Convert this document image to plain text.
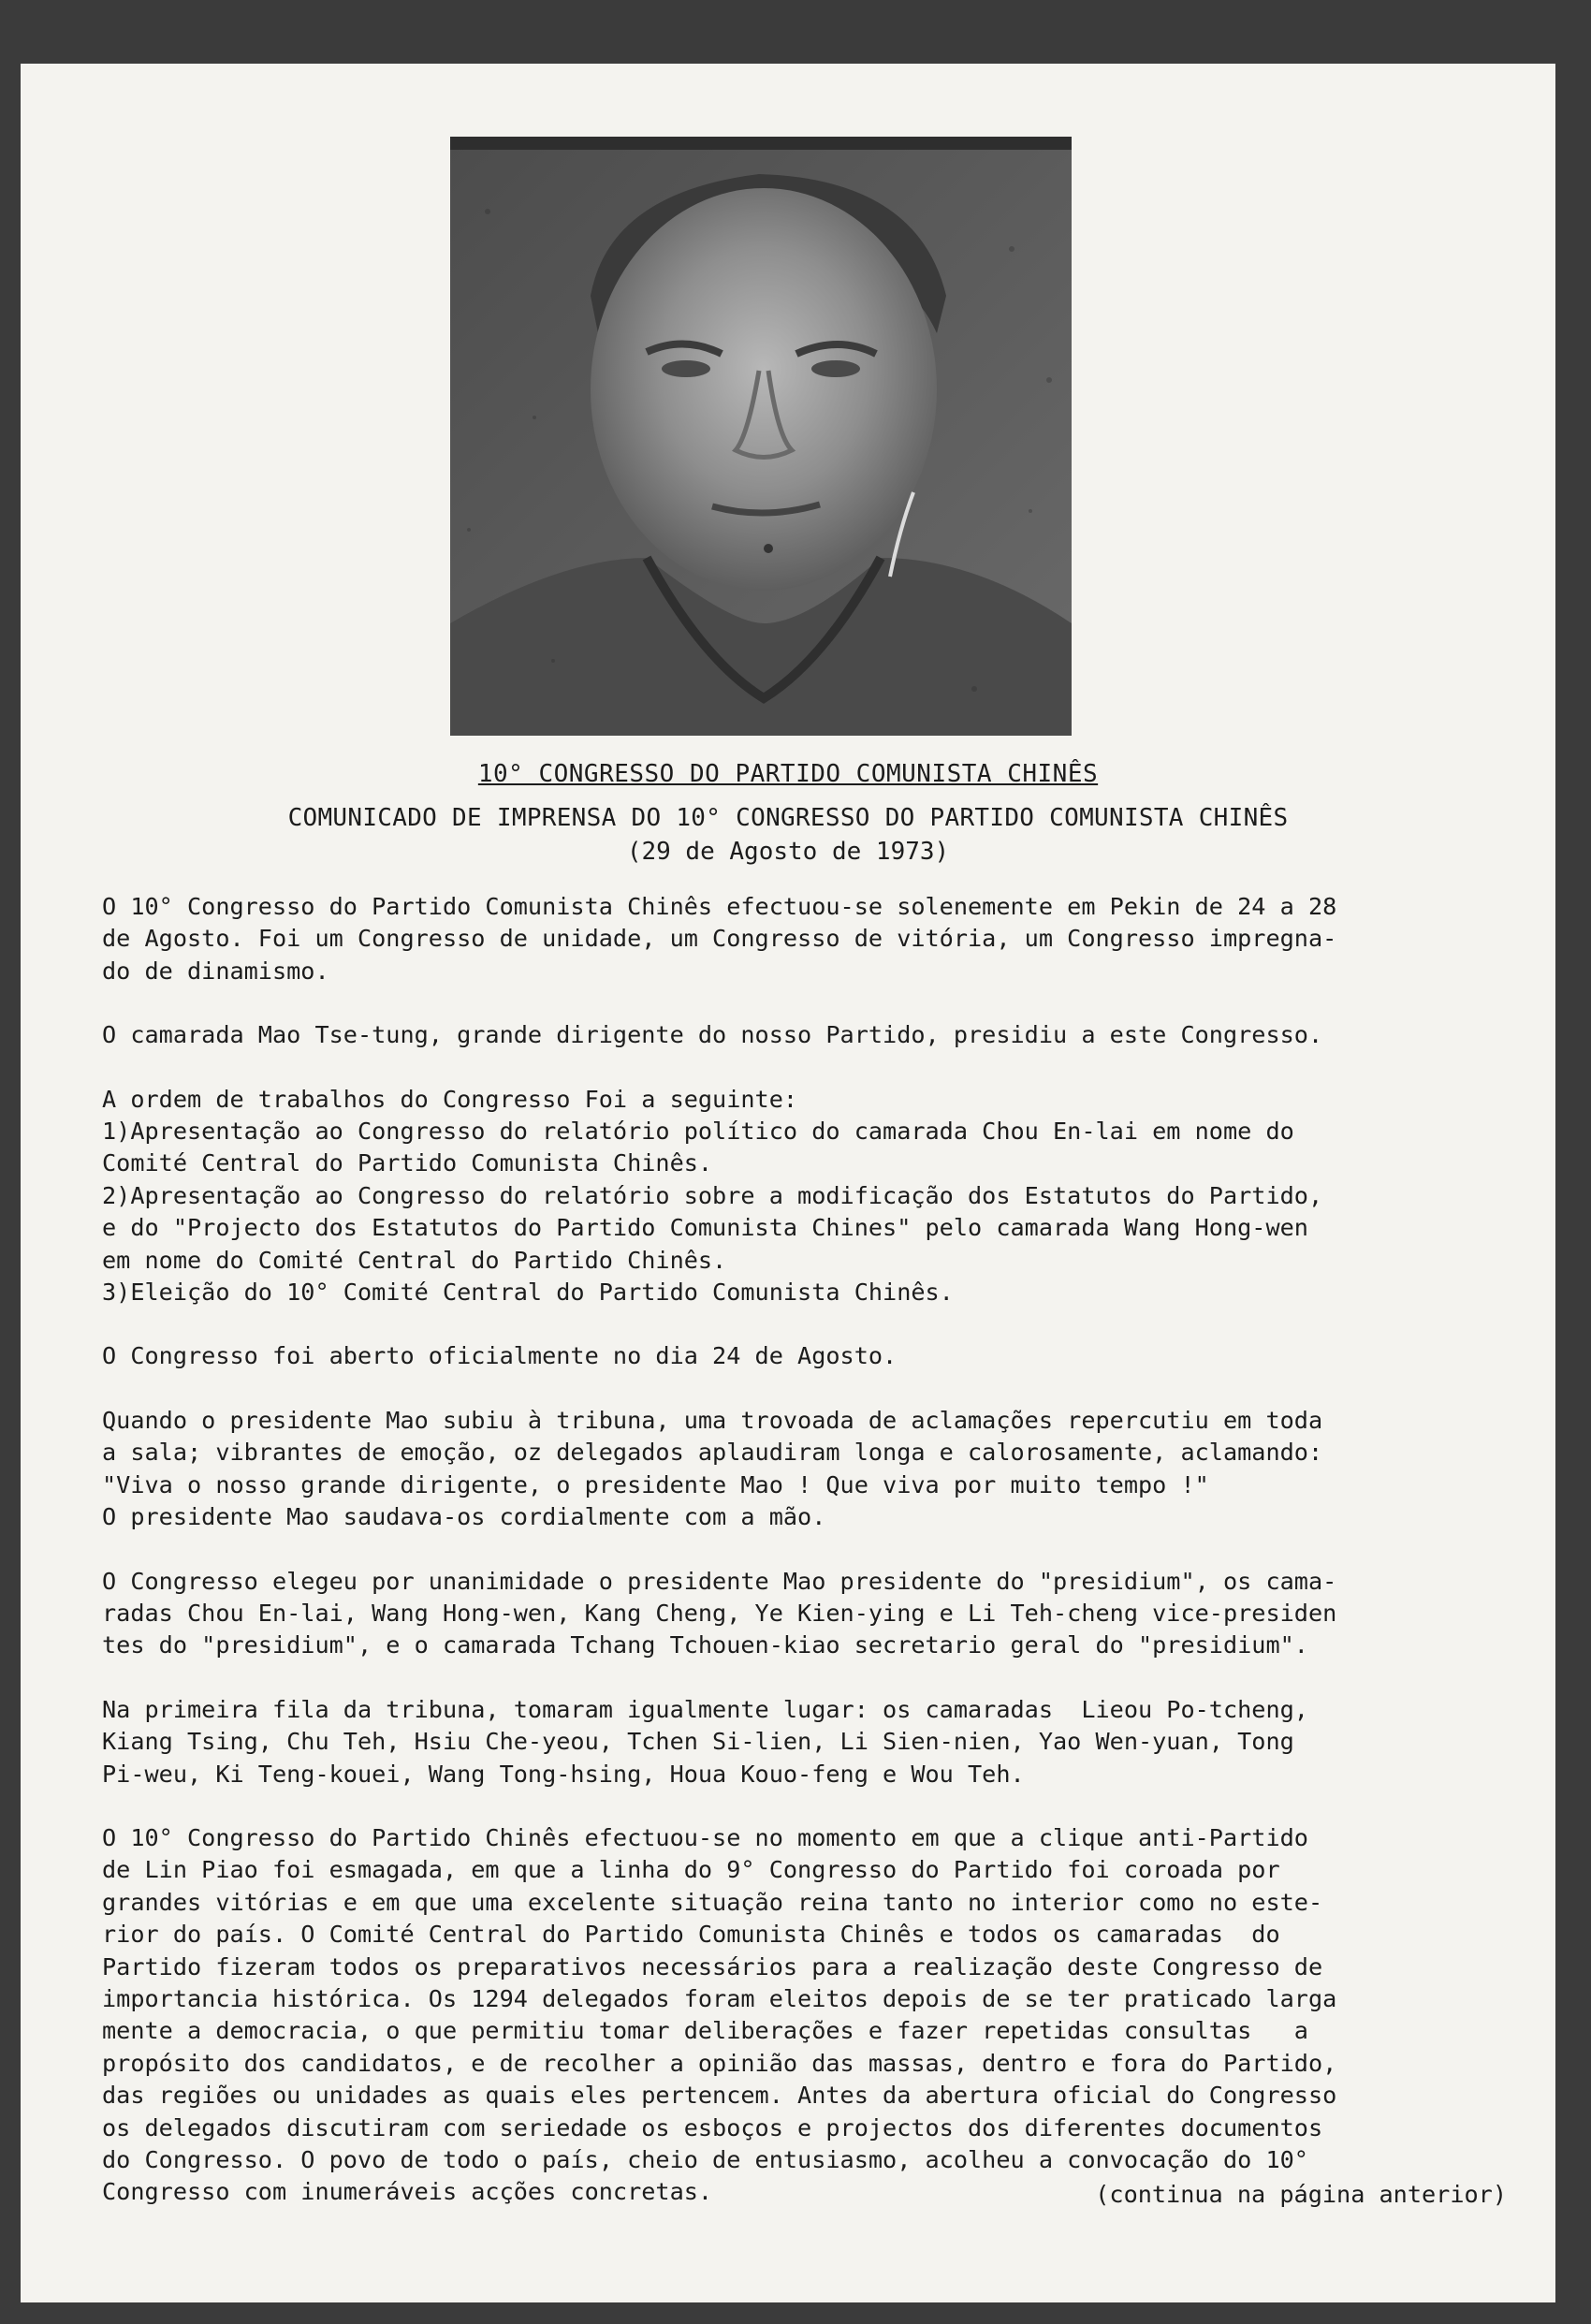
10° CONGRESSO DO PARTIDO COMUNISTA CHINÊS
COMUNICADO DE IMPRENSA DO 10° CONGRESSO DO PARTIDO COMUNISTA CHINÊS
(29 de Agosto de 1973)

O 10° Congresso do Partido Comunista Chinês efectuou-se solenemente em Pekin de 24 a 28
de Agosto. Foi um Congresso de unidade, um Congresso de vitória, um Congresso impregna-
do de dinamismo.

O camarada Mao Tse-tung, grande dirigente do nosso Partido, presidiu a este Congresso.

A ordem de trabalhos do Congresso Foi a seguinte:
1)Apresentação ao Congresso do relatório político do camarada Chou En-lai em nome do
Comité Central do Partido Comunista Chinês.
2)Apresentação ao Congresso do relatório sobre a modificação dos Estatutos do Partido,
e do "Projecto dos Estatutos do Partido Comunista Chines" pelo camarada Wang Hong-wen
em nome do Comité Central do Partido Chinês.
3)Eleição do 10° Comité Central do Partido Comunista Chinês.

O Congresso foi aberto oficialmente no dia 24 de Agosto.

Quando o presidente Mao subiu à tribuna, uma trovoada de aclamações repercutiu em toda
a sala; vibrantes de emoção, oz delegados aplaudiram longa e calorosamente, aclamando:
"Viva o nosso grande dirigente, o presidente Mao ! Que viva por muito tempo !"
O presidente Mao saudava-os cordialmente com a mão.

O Congresso elegeu por unanimidade o presidente Mao presidente do "presidium", os cama-
radas Chou En-lai, Wang Hong-wen, Kang Cheng, Ye Kien-ying e Li Teh-cheng vice-presiden
tes do "presidium", e o camarada Tchang Tchouen-kiao secretario geral do "presidium".

Na primeira fila da tribuna, tomaram igualmente lugar: os camaradas  Lieou Po-tcheng,
Kiang Tsing, Chu Teh, Hsiu Che-yeou, Tchen Si-lien, Li Sien-nien, Yao Wen-yuan, Tong
Pi-weu, Ki Teng-kouei, Wang Tong-hsing, Houa Kouo-feng e Wou Teh.

O 10° Congresso do Partido Chinês efectuou-se no momento em que a clique anti-Partido
de Lin Piao foi esmagada, em que a linha do 9° Congresso do Partido foi coroada por
grandes vitórias e em que uma excelente situação reina tanto no interior como no este-
rior do país. O Comité Central do Partido Comunista Chinês e todos os camaradas  do
Partido fizeram todos os preparativos necessários para a realização deste Congresso de
importancia histórica. Os 1294 delegados foram eleitos depois de se ter praticado larga
mente a democracia, o que permitiu tomar deliberações e fazer repetidas consultas   a
propósito dos candidatos, e de recolher a opinião das massas, dentro e fora do Partido,
das regiões ou unidades as quais eles pertencem. Antes da abertura oficial do Congresso
os delegados discutiram com seriedade os esboços e projectos dos diferentes documentos
do Congresso. O povo de todo o país, cheio de entusiasmo, acolheu a convocação do 10°
Congresso com inumeráveis acções concretas.	(continua na página anterior)
